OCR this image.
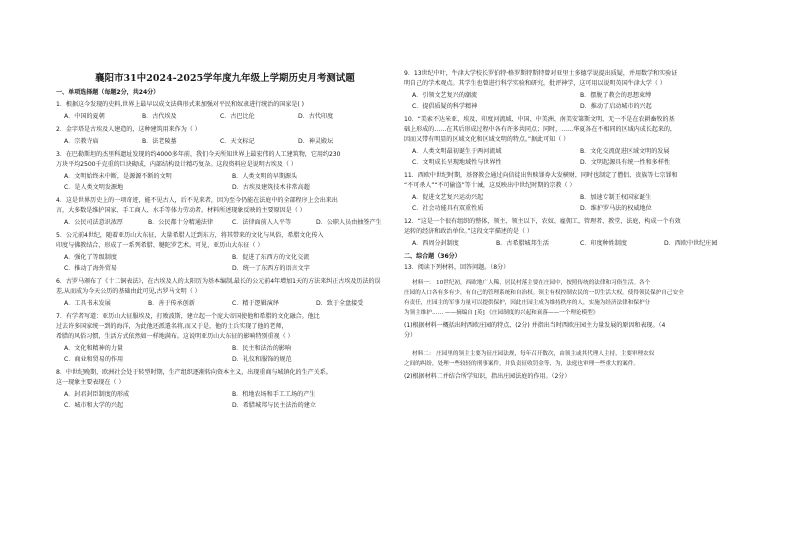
襄阳市31中2024-2025学年度九年级上学期历史月考测试题
一、单项选择题（每题2分，共24分）
1．根据这今发现的史料,世界上最早以成文法典形式来加强对平民和奴隶进行统治的国家是( )
A．中国的夏朝	B．古代埃及	C．古巴比伦	D．古代印度
2．金字塔是古埃及人建造的，这种建筑用来作为（ ）
A．宗教寺庙	B．法老陵墓	C．天文标记	D．神灵殿坛
3．在巴勒斯坦的杰里科遗址发现的约4000多年前，我们今天所知世界上最宏伟的人工建筑物，它用约230
万块平均2500千克重的巨块砌成，内部结构设计精巧复杂。这段资料应是说明古埃及（ ）
A．文明始终未中断，是源源不断的文明	B．人类文明的早期源头
C．是人类文明发源地	D．古埃及建筑技术非常高超
4．这是世界历史上的一项奇迹，能不见古人，后不见来者，因为至今仍能在法庭中的全部程序上会出来出
言，大多数是维护国家、手工商人、水手等体力劳动者。材料所述现象反映的主要原因是（ ）
A．公民司法意识浓厚	B．公民都十分精通法律	C．法律面前人人平等	D．公职人员由抽签产生
5．公元前4世纪，随着亚历山大东征，大量希腊人迁到东方，将其带来的文化与风俗，希腊文化传入
印度与佛教结合，形成了一系列希腊、犍陀罗艺术。可见，亚历山大东征（ ）
A．强化了等级制度	B．促进了东西方的文化交流
C．推动了海外贸易	D．统一了东西方的语言文字
6．古罗马颁布了《十二铜表法》，在古埃及人的太阳历为基本编制,最长的公元前4年增加1天的方法来纠正古埃及历法的误
差,从而成为今天公历的基础由此可见,古罗马文明（ ）
A．工具书未发展	B．善于传承创新	C．精于逻辑演绎	D．致于全盘接受
7．有学者写道：亚历山大征服埃及，打败波斯，建立起一个庞大帝国使他和希腊的文化融合。他比
过去许多国家统一到的海洋，为此他还派遣名将,而又于是，他的士兵实现了他的老师，
希腊的风俗习惯，生活方式依然如一样地满布。这说明亚历山大东征的影响特别重视（ ）
A．文化和精神的力量	B．民主和法治的影响
C．商业和贸易的作用	D．礼仪和服饰的规范
8．中世纪晚期，欧洲社会处于转型时期，生产组织逐渐转向资本主义，出现重商与城镇化的生产关系。
这一现象主要表现在（ ）
A．封君封臣制度的形成	B．租地农场和手工工场的产生
C．城市和大学的兴起	D．希腊城邦与民主法治的建立
9．13世纪中叶，牛津大学校长罗伯特·格罗斯特斯特曾对亚里士多德学说提出质疑，并用数学和实验证
明自己的学术观点。其学生也曾进行科学实验和研究，批评神学，这可用以说明英国牛津大学（ ）
A．引领文艺复兴的潮流	B．摆脱了教会的思想束缚
C．提倡质疑的科学精神	D．推动了启动城市的兴起
10．“美索不达米亚、埃及、印度河流域、中国、中美洲、南美安第斯文明，无一不是在农耕畜牧的基
础上形成的……在其后形成过程中各有许多共同点；同时，……华夏各在不相同的区域内成长起来的，
因而又带有明显的区域文化和区域文明的特点。”据此可知（ ）
A．人类文明最初诞生于两河流域	B．文化交流促进区域文明的发展
C．文明成长呈现地域性与世界性	D．文明起源具有统一性和多样性
11．西欧中世纪时期，基督教会通过向信徒出售赎罪券大发横财，同时也制定了僧侣、贵族等七宗罪和
“不可杀人”“不可偷盗”等十诫，这反映出中世纪时期的宗教（ ）
A．促进文艺复兴运动兴起	B．加速专制王权国家诞生
C．社会功能具有双重性质	D．维护罗马法的权威地位
12．“这是一个很有组织的整体，领主、领主以下，农奴、雇佣工，管理者、教堂、法庭，构成一个有效
运转的经济和政治单位。”这段文字描述的是（ ）
A．西周分封制度	B．古希腊城邦生活	C．印度种姓制度	D．西欧中世纪庄园
二、综合题（36分）
13．阅读下列材料，回答问题。（8分）
材料一： 10世纪初，西欧地广人稀，居民村落主要在庄园中，按照传统的法律和习俗生活。各个
庄园的人口各有多有少，有自己的管理系统和自治权。领主有权控制农民的一切生活大权。使得领民保护自己安全
有责任，庄园主的军事力量可以提供保护，因此庄园主成为维持秩序的人，实施为经济法律和保护分
为领主维护…… ——摘编自 [英] 《庄园制度的兴起和衰落——一个理论模型》
(1)根据材料一概括出时西欧庄园的特点，(2分) 并指出当时西欧庄园主力量发展的原因和表现。（4
分）
材料二： 庄园里的领主主要为征庄园法规，每年召开数次，由领主或其代理人主持，主要审理农奴
之间的纠纷，处理一些较轻的刑事案件，并负责征收罚金等，为，法庭也审理一些重大的案件。
(2)根据材料二并结合所学知识，指出庄园法庭的作用。（2分）
